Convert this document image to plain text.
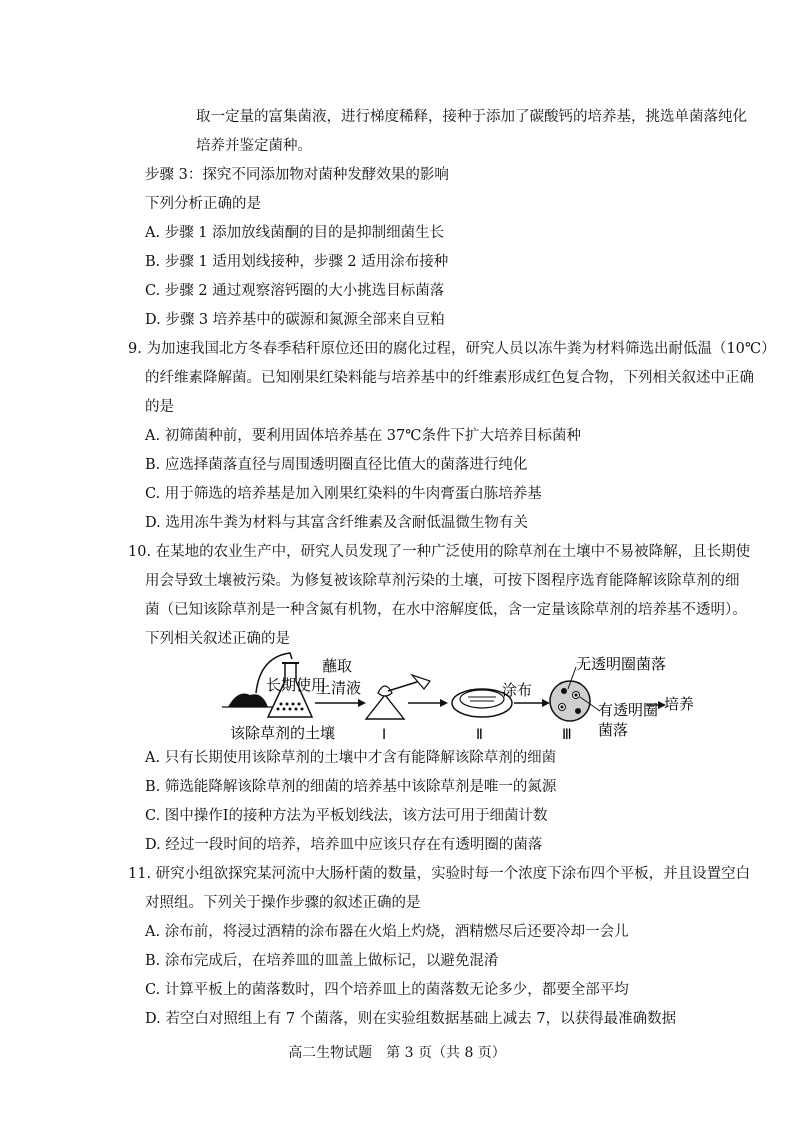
取一定量的富集菌液，进行梯度稀释，接种于添加了碳酸钙的培养基，挑选单菌落纯化
培养并鉴定菌种。
步骤 3：探究不同添加物对菌种发酵效果的影响
下列分析正确的是
A. 步骤 1 添加放线菌酮的目的是抑制细菌生长
B. 步骤 1 适用划线接种，步骤 2 适用涂布接种
C. 步骤 2 通过观察溶钙圈的大小挑选目标菌落
D. 步骤 3 培养基中的碳源和氮源全部来自豆粕
9. 为加速我国北方冬春季秸秆原位还田的腐化过程，研究人员以冻牛粪为材料筛选出耐低温（10℃）
的纤维素降解菌。已知刚果红染料能与培养基中的纤维素形成红色复合物，下列相关叙述中正确
的是
A. 初筛菌种前，要利用固体培养基在 37℃条件下扩大培养目标菌种
B. 应选择菌落直径与周围透明圈直径比值大的菌落进行纯化
C. 用于筛选的培养基是加入刚果红染料的牛肉膏蛋白胨培养基
D. 选用冻牛粪为材料与其富含纤维素及含耐低温微生物有关
10. 在某地的农业生产中，研究人员发现了一种广泛使用的除草剂在土壤中不易被降解，且长期使
用会导致土壤被污染。为修复被该除草剂污染的土壤，可按下图程序选育能降解该除草剂的细
菌（已知该除草剂是一种含氮有机物，在水中溶解度低，含一定量该除草剂的培养基不透明）。
下列相关叙述正确的是
长期使用
该除草剂的土壤
蘸取
上清液
Ⅰ	Ⅱ
涂布
Ⅲ
无透明圈菌落
有透明圈
菌落
培养
A. 只有长期使用该除草剂的土壤中才含有能降解该除草剂的细菌
B. 筛选能降解该除草剂的细菌的培养基中该除草剂是唯一的氮源
C. 图中操作I的接种方法为平板划线法，该方法可用于细菌计数
D. 经过一段时间的培养，培养皿中应该只存在有透明圈的菌落
11. 研究小组欲探究某河流中大肠杆菌的数量，实验时每一个浓度下涂布四个平板，并且设置空白
对照组。下列关于操作步骤的叙述正确的是
A. 涂布前，将浸过酒精的涂布器在火焰上灼烧，酒精燃尽后还要冷却一会儿
B. 涂布完成后，在培养皿的皿盖上做标记，以避免混淆
C. 计算平板上的菌落数时，四个培养皿上的菌落数无论多少，都要全部平均
D. 若空白对照组上有 7 个菌落，则在实验组数据基础上减去 7，以获得最准确数据
高二生物试题　第 3 页（共 8 页）
